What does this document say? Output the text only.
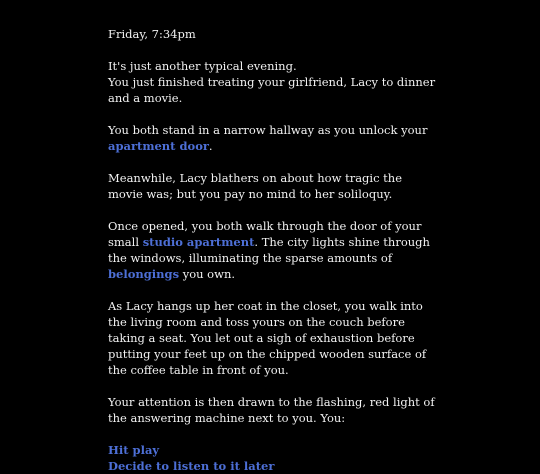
Friday, 7:34pm

It's just another typical evening.
You just finished treating your girlfriend, Lacy to dinner and a movie.

You both stand in a narrow hallway as you unlock your apartment door.

Meanwhile, Lacy blathers on about how tragic the movie was; but you pay no mind to her soliloquy.

Once opened, you both walk through the door of your small studio apartment. The city lights shine through the windows, illuminating the sparse amounts of belongings you own.

As Lacy hangs up her coat in the closet, you walk into the living room and toss yours on the couch before taking a seat. You let out a sigh of exhaustion before putting your feet up on the chipped wooden surface of the coffee table in front of you.

Your attention is then drawn to the flashing, red light of the answering machine next to you. You:

Hit play
Decide to listen to it later
